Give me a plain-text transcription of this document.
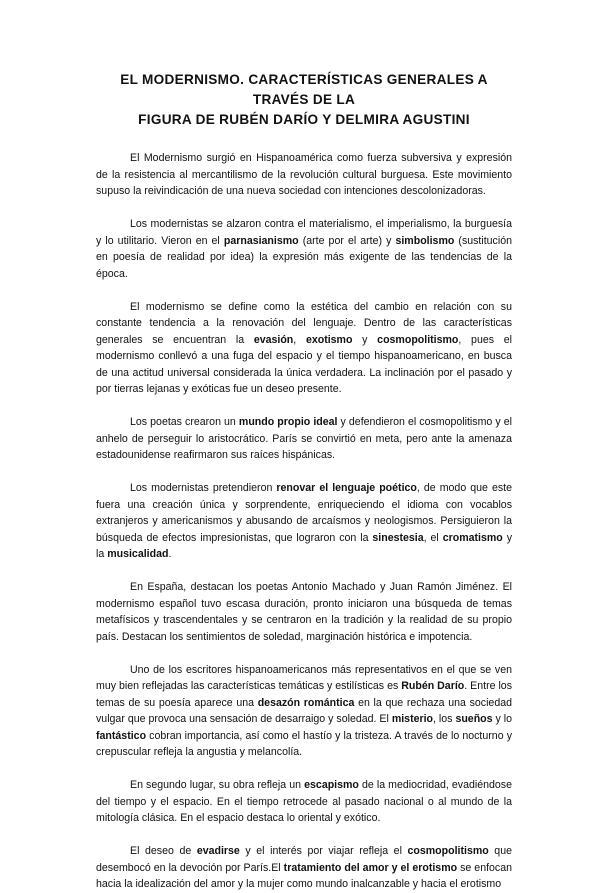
EL MODERNISMO. CARACTERÍSTICAS GENERALES A TRAVÉS DE LA
FIGURA DE RUBÉN DARÍO Y DELMIRA AGUSTINI

El Modernismo surgió en Hispanoamérica como fuerza subversiva y expresión de la resistencia al mercantilismo de la revolución cultural burguesa. Este movimiento supuso la reivindicación de una nueva sociedad con intenciones descolonizadoras.

Los modernistas se alzaron contra el materialismo, el imperialismo, la burguesía y lo utilitario. Vieron en el parnasianismo (arte por el arte) y simbolismo (sustitución en poesía de realidad por idea) la expresión más exigente de las tendencias de la época.

El modernismo se define como la estética del cambio en relación con su constante tendencia a la renovación del lenguaje. Dentro de las características generales se encuentran la evasión, exotismo y cosmopolitismo, pues el modernismo conllevó a una fuga del espacio y el tiempo hispanoamericano, en busca de una actitud universal considerada la única verdadera. La inclinación por el pasado y por tierras lejanas y exóticas fue un deseo presente.

Los poetas crearon un mundo propio ideal y defendieron el cosmopolitismo y el anhelo de perseguir lo aristocrático. París se convirtió en meta, pero ante la amenaza estadounidense reafirmaron sus raíces hispánicas.

Los modernistas pretendieron renovar el lenguaje poético, de modo que este fuera una creación única y sorprendente, enriqueciendo el idioma con vocablos extranjeros y americanismos y abusando de arcaísmos y neologismos. Persiguieron la búsqueda de efectos impresionistas, que lograron con la sinestesia, el cromatismo y la musicalidad.

En España, destacan los poetas Antonio Machado y Juan Ramón Jiménez. El modernismo español tuvo escasa duración, pronto iniciaron una búsqueda de temas metafísicos y trascendentales y se centraron en la tradición y la realidad de su propio país. Destacan los sentimientos de soledad, marginación histórica e impotencia.

Uno de los escritores hispanoamericanos más representativos en el que se ven muy bien reflejadas las características temáticas y estilísticas es Rubén Darío. Entre los temas de su poesía aparece una desazón romántica en la que rechaza una sociedad vulgar que provoca una sensación de desarraigo y soledad. El misterio, los sueños y lo fantástico cobran importancia, así como el hastío y la tristeza. A través de lo nocturno y crepuscular refleja la angustia y melancolía.

En segundo lugar, su obra refleja un escapismo de la mediocridad, evadiéndose del tiempo y el espacio. En el tiempo retrocede al pasado nacional o al mundo de la mitología clásica. En el espacio destaca lo oriental y exótico.

El deseo de evadirse y el interés por viajar refleja el cosmopolitismo que desembocó en la devoción por París.El tratamiento del amor y el erotismo se enfocan hacia la idealización del amor y la mujer como mundo inalcanzable y hacia el erotismo
